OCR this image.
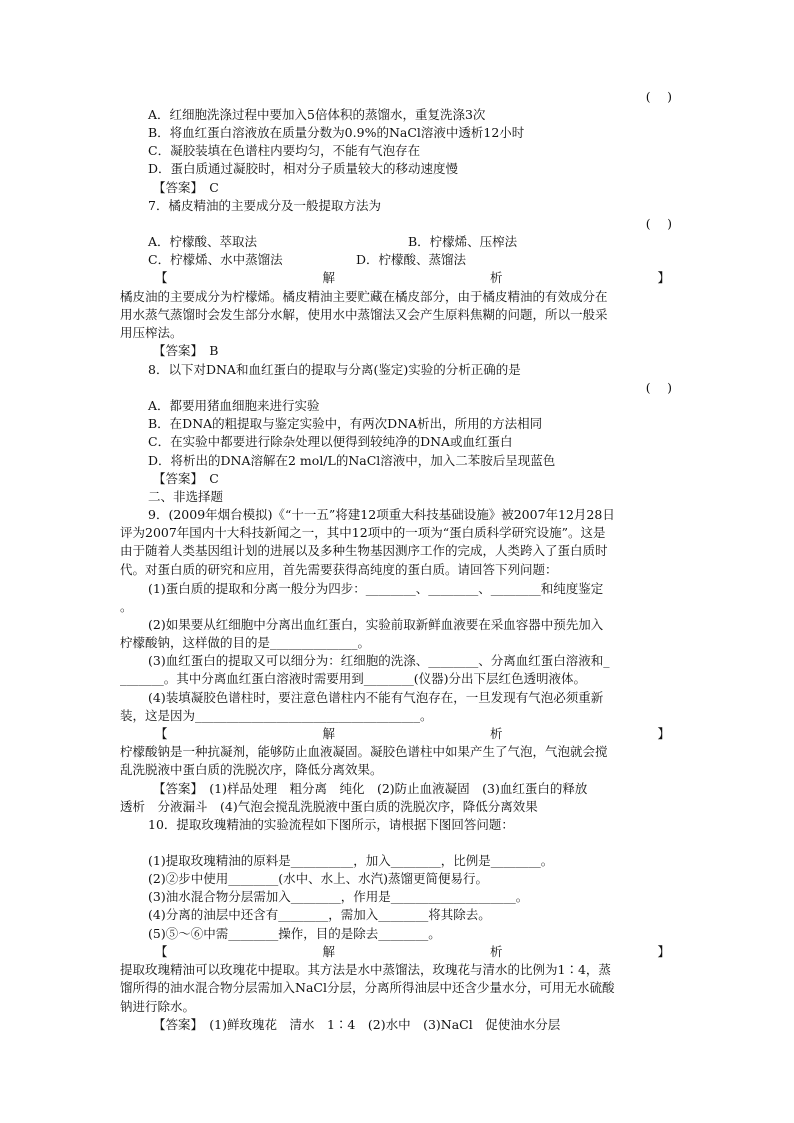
(　 )
A．红细胞洗涤过程中要加入5倍体积的蒸馏水，重复洗涤3次
B．将血红蛋白溶液放在质量分数为0.9%的NaCl溶液中透析12小时
C．凝胶装填在色谱柱内要均匀，不能有气泡存在
D．蛋白质通过凝胶时，相对分子质量较大的移动速度慢
【答案】　C
7．橘皮精油的主要成分及一般提取方法为
(　 )
A．柠檬酸、萃取法	B．柠檬烯、压榨法
C．柠檬烯、水中蒸馏法	D．柠檬酸、蒸馏法
【	解	析	】
橘皮油的主要成分为柠檬烯。橘皮精油主要贮藏在橘皮部分，由于橘皮精油的有效成分在
用水蒸气蒸馏时会发生部分水解，使用水中蒸馏法又会产生原料焦糊的问题，所以一般采
用压榨法。
【答案】　B
8．以下对DNA和血红蛋白的提取与分离(鉴定)实验的分析正确的是
(　 )
A．都要用猪血细胞来进行实验
B．在DNA的粗提取与鉴定实验中，有两次DNA析出，所用的方法相同
C．在实验中都要进行除杂处理以便得到较纯净的DNA或血红蛋白
D．将析出的DNA溶解在2 mol/L的NaCl溶液中，加入二苯胺后呈现蓝色
【答案】　C
二、非选择题
9．(2009年烟台模拟)《“十一五”将建12项重大科技基础设施》被2007年12月28日
评为2007年国内十大科技新闻之一，其中12项中的一项为“蛋白质科学研究设施”。这是
由于随着人类基因组计划的进展以及多种生物基因测序工作的完成，人类跨入了蛋白质时
代。对蛋白质的研究和应用，首先需要获得高纯度的蛋白质。请回答下列问题：
(1)蛋白质的提取和分离一般分为四步：________、________、________和纯度鉴定
。
(2)如果要从红细胞中分离出血红蛋白，实验前取新鲜血液要在采血容器中预先加入
柠檬酸钠，这样做的目的是______________。
(3)血红蛋白的提取又可以细分为：红细胞的洗涤、________、分离血红蛋白溶液和_
_______。其中分离血红蛋白溶液时需要用到________(仪器)分出下层红色透明液体。
(4)装填凝胶色谱柱时，要注意色谱柱内不能有气泡存在，一旦发现有气泡必须重新
装，这是因为____________________________________。
【	解	析	】
柠檬酸钠是一种抗凝剂，能够防止血液凝固。凝胶色谱柱中如果产生了气泡，气泡就会搅
乱洗脱液中蛋白质的洗脱次序，降低分离效果。
【答案】　(1)样品处理　粗分离　纯化　(2)防止血液凝固　(3)血红蛋白的释放
透析　分液漏斗　(4)气泡会搅乱洗脱液中蛋白质的洗脱次序，降低分离效果
10．提取玫瑰精油的实验流程如下图所示，请根据下图回答问题：
(1)提取玫瑰精油的原料是__________，加入________，比例是________。
(2)②步中使用________(水中、水上、水汽)蒸馏更简便易行。
(3)油水混合物分层需加入________，作用是____________________。
(4)分离的油层中还含有________，需加入________将其除去。
(5)⑤～⑥中需________操作，目的是除去________。
【	解	析	】
提取玫瑰精油可以玫瑰花中提取。其方法是水中蒸馏法，玫瑰花与清水的比例为1∶4，蒸
馏所得的油水混合物分层需加入NaCl分层，分离所得油层中还含少量水分，可用无水硫酸
钠进行除水。
【答案】　(1)鲜玫瑰花　清水　1∶4　(2)水中　(3)NaCl　促使油水分层
